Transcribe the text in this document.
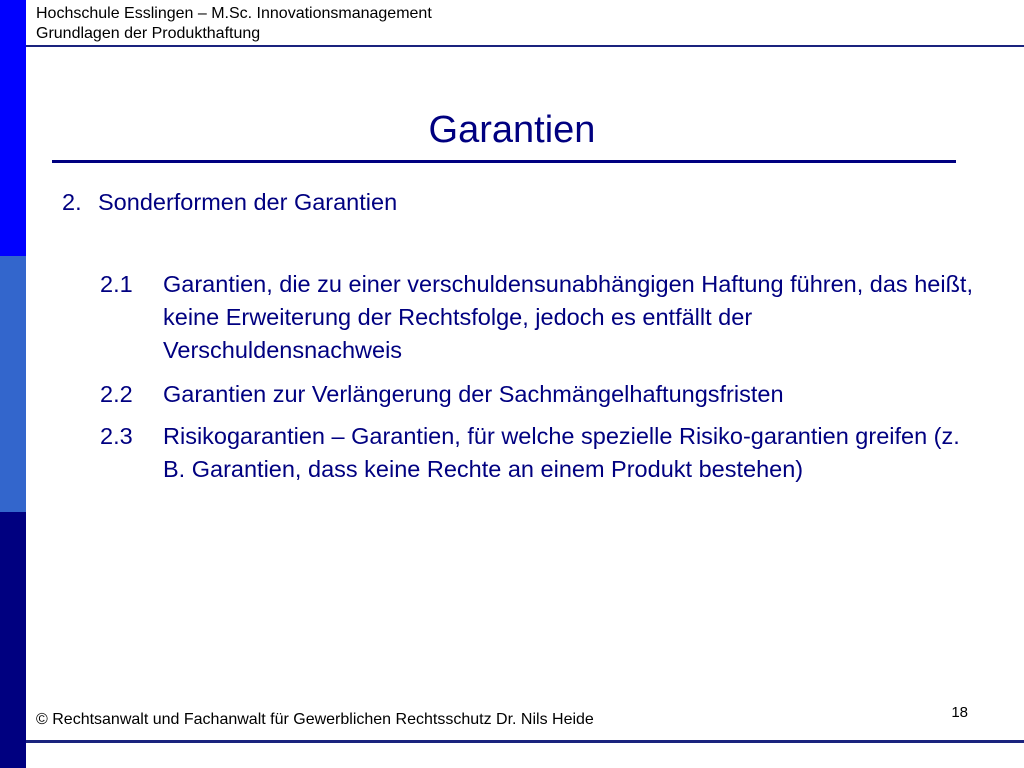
Hochschule Esslingen – M.Sc. Innovationsmanagement
Grundlagen der Produkthaftung
Garantien
2. Sonderformen der Garantien
2.1 Garantien, die zu einer verschuldensunabhängigen Haftung führen, das heißt, keine Erweiterung der Rechtsfolge, jedoch es entfällt der Verschuldensnachweis
2.2 Garantien zur Verlängerung der Sachmängelhaftungsfristen
2.3 Risikogarantien – Garantien, für welche spezielle Risiko-garantien greifen (z. B. Garantien, dass keine Rechte an einem Produkt bestehen)
© Rechtsanwalt und Fachanwalt für Gewerblichen Rechtsschutz Dr. Nils Heide	18
